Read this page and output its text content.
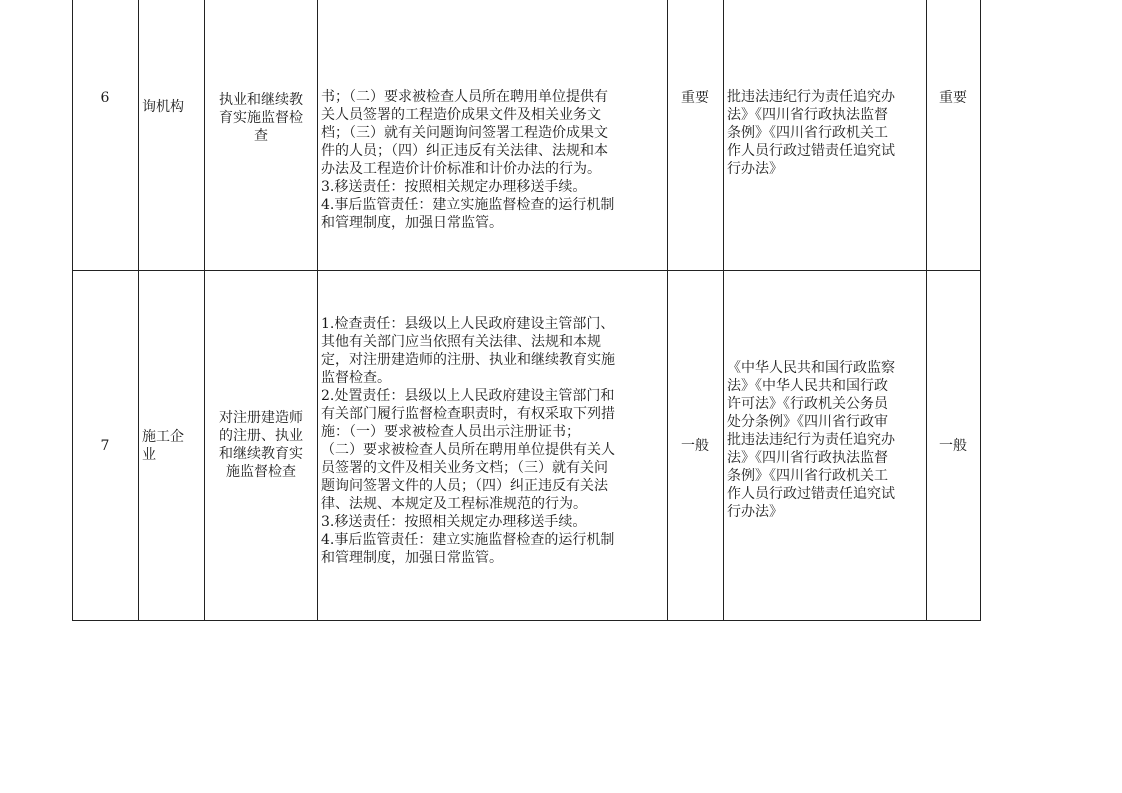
6
询机构	执业和继续教
育实施监督检
查
书；（二）要求被检查人员所在聘用单位提供有
关人员签署的工程造价成果文件及相关业务文
档；（三）就有关问题询问签署工程造价成果文
件的人员；（四）纠正违反有关法律、法规和本
办法及工程造价计价标准和计价办法的行为。
3.移送责任：按照相关规定办理移送手续。
4.事后监管责任：建立实施监督检查的运行机制
和管理制度，加强日常监管。
重要 批违法违纪行为责任追究办
法》《四川省行政执法监督
条例》《四川省行政机关工
作人员行政过错责任追究试
行办法》
重要
7
施工企
业
对注册建造师
的注册、执业
和继续教育实
施监督检查
1.检查责任：县级以上人民政府建设主管部门、
其他有关部门应当依照有关法律、法规和本规
定，对注册建造师的注册、执业和继续教育实施
监督检查。
2.处置责任：县级以上人民政府建设主管部门和
有关部门履行监督检查职责时，有权采取下列措
施：（一）要求被检查人员出示注册证书；
（二）要求被检查人员所在聘用单位提供有关人
员签署的文件及相关业务文档；（三）就有关问
题询问签署文件的人员；（四）纠正违反有关法
律、法规、本规定及工程标准规范的行为。
3.移送责任：按照相关规定办理移送手续。
4.事后监管责任：建立实施监督检查的运行机制
和管理制度，加强日常监管。
一般
《中华人民共和国行政监察
法》《中华人民共和国行政
许可法》《行政机关公务员
处分条例》《四川省行政审
批违法违纪行为责任追究办
法》《四川省行政执法监督
条例》《四川省行政机关工
作人员行政过错责任追究试
行办法》
一般
